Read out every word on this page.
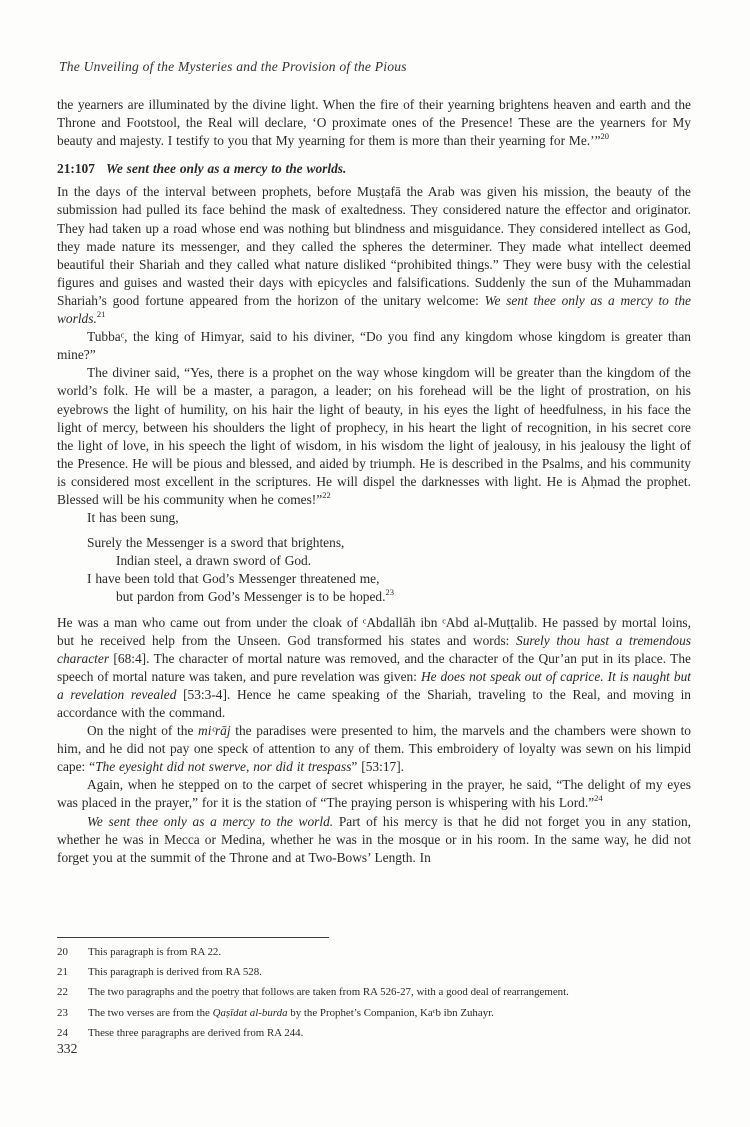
The Unveiling of the Mysteries and the Provision of the Pious

the yearners are illuminated by the divine light. When the fire of their yearning brightens heaven and earth and the Throne and Footstool, the Real will declare, ‘O proximate ones of the Presence! These are the yearners for My beauty and majesty. I testify to you that My yearning for them is more than their yearning for Me.’”$^{20}$

21:107 We sent thee only as a mercy to the worlds.

In the days of the interval between prophets, before Muṣṭafā the Arab was given his mission, the beauty of the submission had pulled its face behind the mask of exaltedness. They considered nature the effector and originator. They had taken up a road whose end was nothing but blindness and misguidance. They considered intellect as God, they made nature its messenger, and they called the spheres the determiner. They made what intellect deemed beautiful their Shariah and they called what nature disliked “prohibited things.” They were busy with the celestial figures and guises and wasted their days with epicycles and falsifications. Suddenly the sun of the Muhammadan Shariah’s good fortune appeared from the horizon of the unitary welcome: We sent thee only as a mercy to the worlds.$^{21}$

Tubbaᶜ, the king of Himyar, said to his diviner, “Do you find any kingdom whose kingdom is greater than mine?”

The diviner said, “Yes, there is a prophet on the way whose kingdom will be greater than the kingdom of the world’s folk. He will be a master, a paragon, a leader; on his forehead will be the light of prostration, on his eyebrows the light of humility, on his hair the light of beauty, in his eyes the light of heedfulness, in his face the light of mercy, between his shoulders the light of prophecy, in his heart the light of recognition, in his secret core the light of love, in his speech the light of wisdom, in his wisdom the light of jealousy, in his jealousy the light of the Presence. He will be pious and blessed, and aided by triumph. He is described in the Psalms, and his community is considered most excellent in the scriptures. He will dispel the darknesses with light. He is Aḥmad the prophet. Blessed will be his community when he comes!”$^{22}$

It has been sung,

Surely the Messenger is a sword that brightens,
Indian steel, a drawn sword of God.
I have been told that God’s Messenger threatened me,
but pardon from God’s Messenger is to be hoped.$^{23}$

He was a man who came out from under the cloak of ᶜAbdallāh ibn ᶜAbd al-Muṭṭalib. He passed by mortal loins, but he received help from the Unseen. God transformed his states and words: Surely thou hast a tremendous character [68:4]. The character of mortal nature was removed, and the character of the Qur’an put in its place. The speech of mortal nature was taken, and pure revelation was given: He does not speak out of caprice. It is naught but a revelation revealed [53:3-4]. Hence he came speaking of the Shariah, traveling to the Real, and moving in accordance with the command.

On the night of the miᶜrāj the paradises were presented to him, the marvels and the chambers were shown to him, and he did not pay one speck of attention to any of them. This embroidery of loyalty was sewn on his limpid cape: “The eyesight did not swerve, nor did it trespass” [53:17].

Again, when he stepped on to the carpet of secret whispering in the prayer, he said, “The delight of my eyes was placed in the prayer,” for it is the station of “The praying person is whispering with his Lord.”$^{24}$

We sent thee only as a mercy to the world. Part of his mercy is that he did not forget you in any station, whether he was in Mecca or Medina, whether he was in the mosque or in his room. In the same way, he did not forget you at the summit of the Throne and at Two-Bows’ Length. In

20	This paragraph is from RA 22.
21	This paragraph is derived from RA 528.
22	The two paragraphs and the poetry that follows are taken from RA 526-27, with a good deal of rearrangement.
23	The two verses are from the Qaṣīdat al-burda by the Prophet’s Companion, Kaᶜb ibn Zuhayr.
24	These three paragraphs are derived from RA 244.
332
